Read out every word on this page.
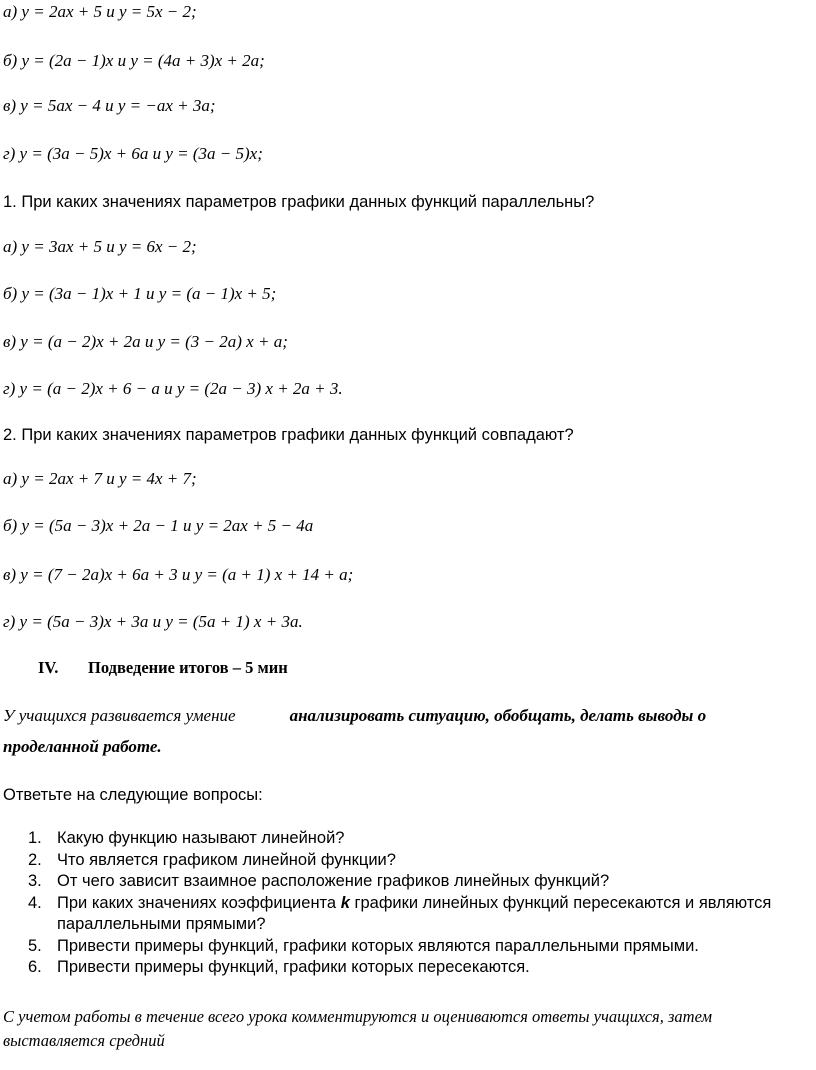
а) y = 2ax + 5 и y = 5x − 2;
б) y = (2a − 1)x и y = (4a + 3)x + 2a;
в) y = 5ax − 4 и y = −ax + 3a;
г) y = (3a − 5)x + 6a и y = (3a − 5)x;
1. При каких значениях параметров графики данных функций параллельны?
а) y = 3ax + 5 и y = 6x − 2;
б) y = (3a − 1)x + 1 и y = (a − 1)x + 5;
в) y = (a − 2)x + 2a и y = (3 − 2a) x + a;
г) y = (a − 2)x + 6 − a и y = (2a − 3) x + 2a + 3.
2. При каких значениях параметров графики данных функций совпадают?
а) y = 2ax + 7 и y = 4x + 7;
б) y = (5a − 3)x + 2a − 1 и y = 2ax + 5 − 4a
в) y = (7 − 2a)x + 6a + 3 и y = (a + 1) x + 14 + a;
г) y = (5a − 3)x + 3a и y = (5a + 1) x + 3a.
IV. Подведение итогов – 5 мин
У учащихся развивается умение	анализировать ситуацию, обобщать, делать выводы о
проделанной работе.
Ответьте на следующие вопросы:
1. Какую функцию называют линейной?
2. Что является графиком линейной функции?
3. От чего зависит взаимное расположение графиков линейных функций?
4. При каких значениях коэффициента k графики линейных функций пересекаются и являются
параллельными прямыми?
5. Привести примеры функций, графики которых являются параллельными прямыми.
6. Привести примеры функций, графики которых пересекаются.
С учетом работы в течение всего урока комментируются и оцениваются ответы учащихся, затем выставляется средний
